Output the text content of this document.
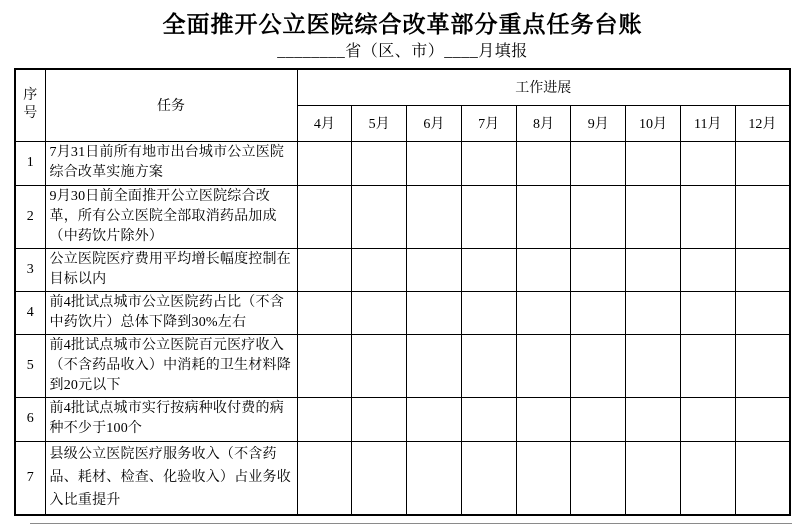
全面推开公立医院综合改革部分重点任务台账
________省（区、市）____月填报
序号	任务	工作进展								
		4月	5月	6月	7月	8月	9月	10月	11月	12月
1	7月31日前所有地市出台城市公立医院综合改革实施方案									
2	9月30日前全面推开公立医院综合改革，所有公立医院全部取消药品加成（中药饮片除外）									
3	公立医院医疗费用平均增长幅度控制在目标以内									
4	前4批试点城市公立医院药占比（不含中药饮片）总体下降到30%左右									
5	前4批试点城市公立医院百元医疗收入（不含药品收入）中消耗的卫生材料降到20元以下									
6	前4批试点城市实行按病种收付费的病种不少于100个									
7	县级公立医院医疗服务收入（不含药品、耗材、检查、化验收入）占业务收入比重提升									
